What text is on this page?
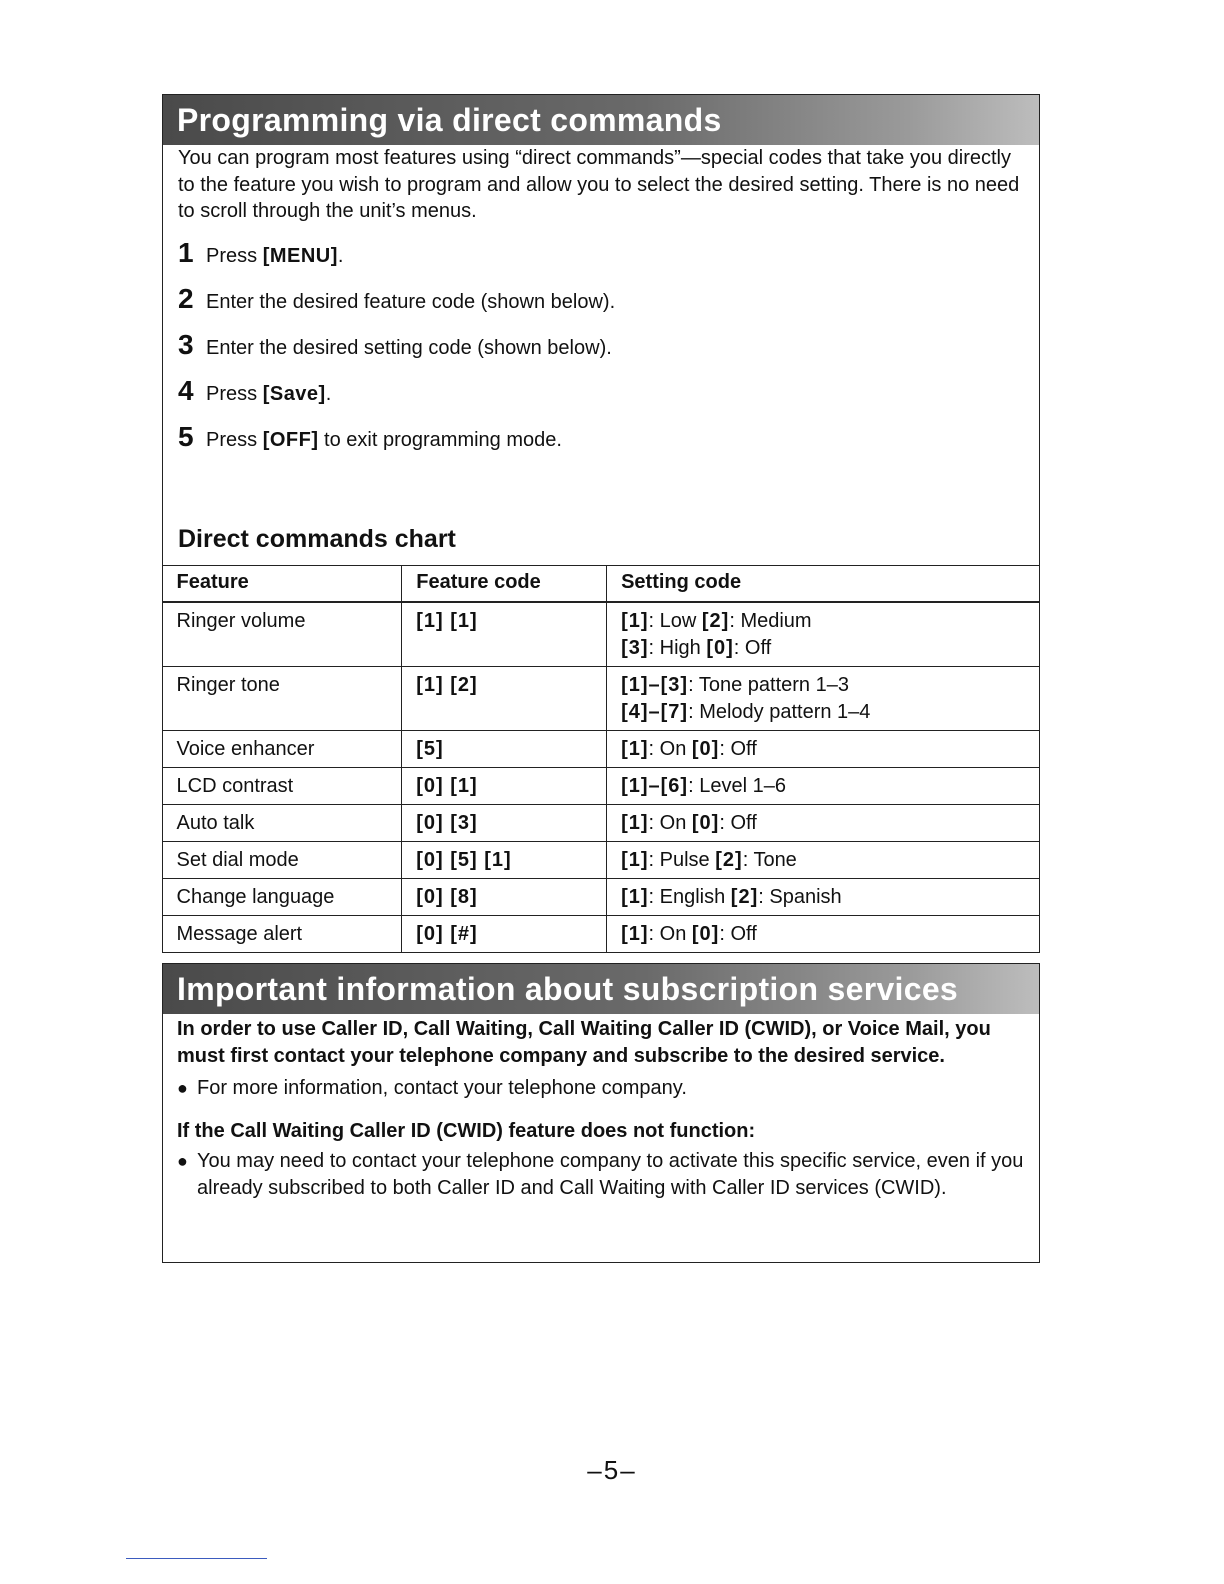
Programming via direct commands
You can program most features using “direct commands”—special codes that take you directly to the feature you wish to program and allow you to select the desired setting. There is no need to scroll through the unit’s menus.
1 Press [MENU].
2 Enter the desired feature code (shown below).
3 Enter the desired setting code (shown below).
4 Press [Save].
5 Press [OFF] to exit programming mode.
Direct commands chart
Feature	Feature code	Setting code
Ringer volume	[1] [1]	[1]: Low [2]: Medium
[3]: High [0]: Off

Ringer tone	[1] [2]	[1]–[3]: Tone pattern 1–3
[4]–[7]: Melody pattern 1–4

Voice enhancer	[5]	[1]: On [0]: Off

LCD contrast	[0] [1]	[1]–[6]: Level 1–6

Auto talk	[0] [3]	[1]: On [0]: Off

Set dial mode	[0] [5] [1]	[1]: Pulse [2]: Tone

Change language	[0] [8]	[1]: English [2]: Spanish

Message alert	[0] [#]	[1]: On [0]: Off
Important information about subscription services

In order to use Caller ID, Call Waiting, Call Waiting Caller ID (CWID), or Voice Mail, you must first contact your telephone company and subscribe to the desired service.

● For more information, contact your telephone company.

If the Call Waiting Caller ID (CWID) feature does not function:

● You may need to contact your telephone company to activate this specific service, even if you already subscribed to both Caller ID and Call Waiting with Caller ID services (CWID).

–5–
